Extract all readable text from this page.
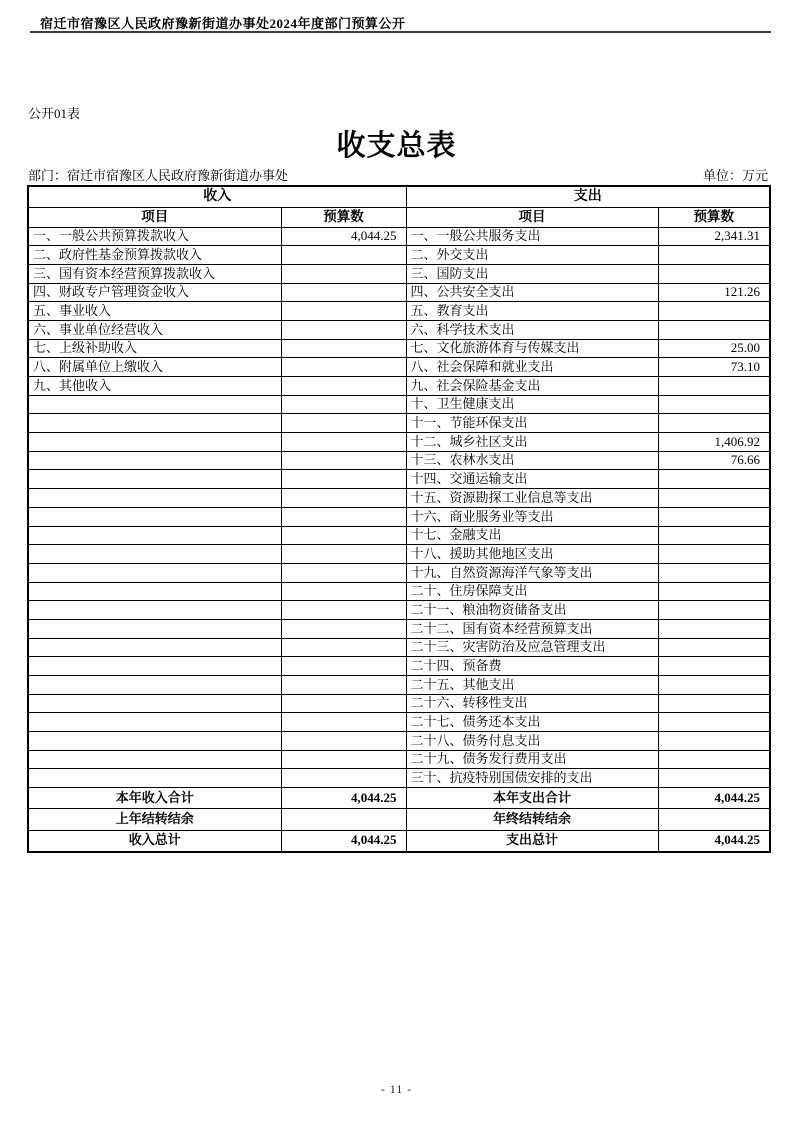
宿迁市宿豫区人民政府豫新街道办事处2024年度部门预算公开
公开01表
收支总表
部门：宿迁市宿豫区人民政府豫新街道办事处	单位：万元
收入		支出	
项目	预算数	项目	预算数
一、一般公共预算拨款收入	4,044.25	一、一般公共服务支出	2,341.31
二、政府性基金预算拨款收入		二、外交支出	
三、国有资本经营预算拨款收入		三、国防支出	
四、财政专户管理资金收入		四、公共安全支出	121.26
五、事业收入		五、教育支出	
六、事业单位经营收入		六、科学技术支出	
七、上级补助收入		七、文化旅游体育与传媒支出	25.00
八、附属单位上缴收入		八、社会保障和就业支出	73.10
九、其他收入		九、社会保险基金支出	
		十、卫生健康支出	
		十一、节能环保支出	
		十二、城乡社区支出	1,406.92
		十三、农林水支出	76.66
		十四、交通运输支出	
		十五、资源勘探工业信息等支出	
		十六、商业服务业等支出	
		十七、金融支出	
		十八、援助其他地区支出	
		十九、自然资源海洋气象等支出	
		二十、住房保障支出	
		二十一、粮油物资储备支出	
		二十二、国有资本经营预算支出	
		二十三、灾害防治及应急管理支出	
		二十四、预备费	
		二十五、其他支出	
		二十六、转移性支出	
		二十七、债务还本支出	
		二十八、债务付息支出	
		二十九、债务发行费用支出	
		三十、抗疫特别国债安排的支出	
本年收入合计	4,044.25	本年支出合计	4,044.25
上年结转结余		年终结转结余	
收入总计	4,044.25	支出总计	4,044.25
- 11 -
